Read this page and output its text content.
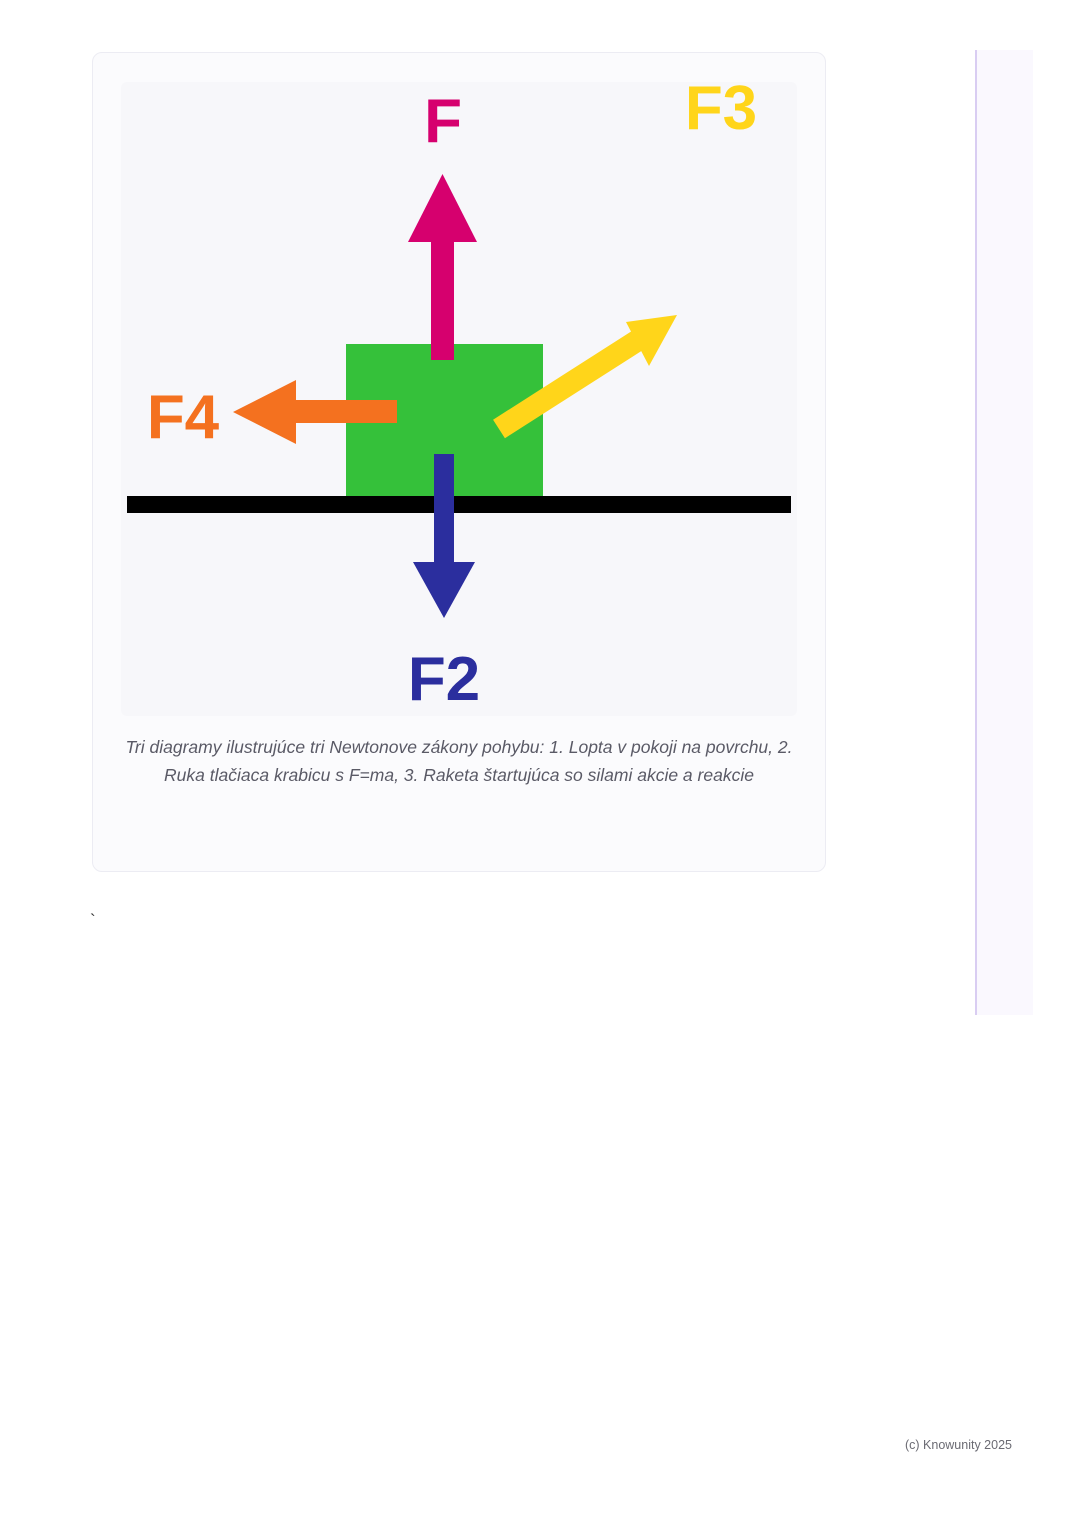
F	F3
F4
F2
Tri diagramy ilustrujúce tri Newtonove zákony pohybu: 1. Lopta v pokoji na povrchu, 2. Ruka tlačiaca krabicu s F=ma, 3. Raketa štartujúca so silami akcie a reakcie
`
(c) Knowunity 2025
